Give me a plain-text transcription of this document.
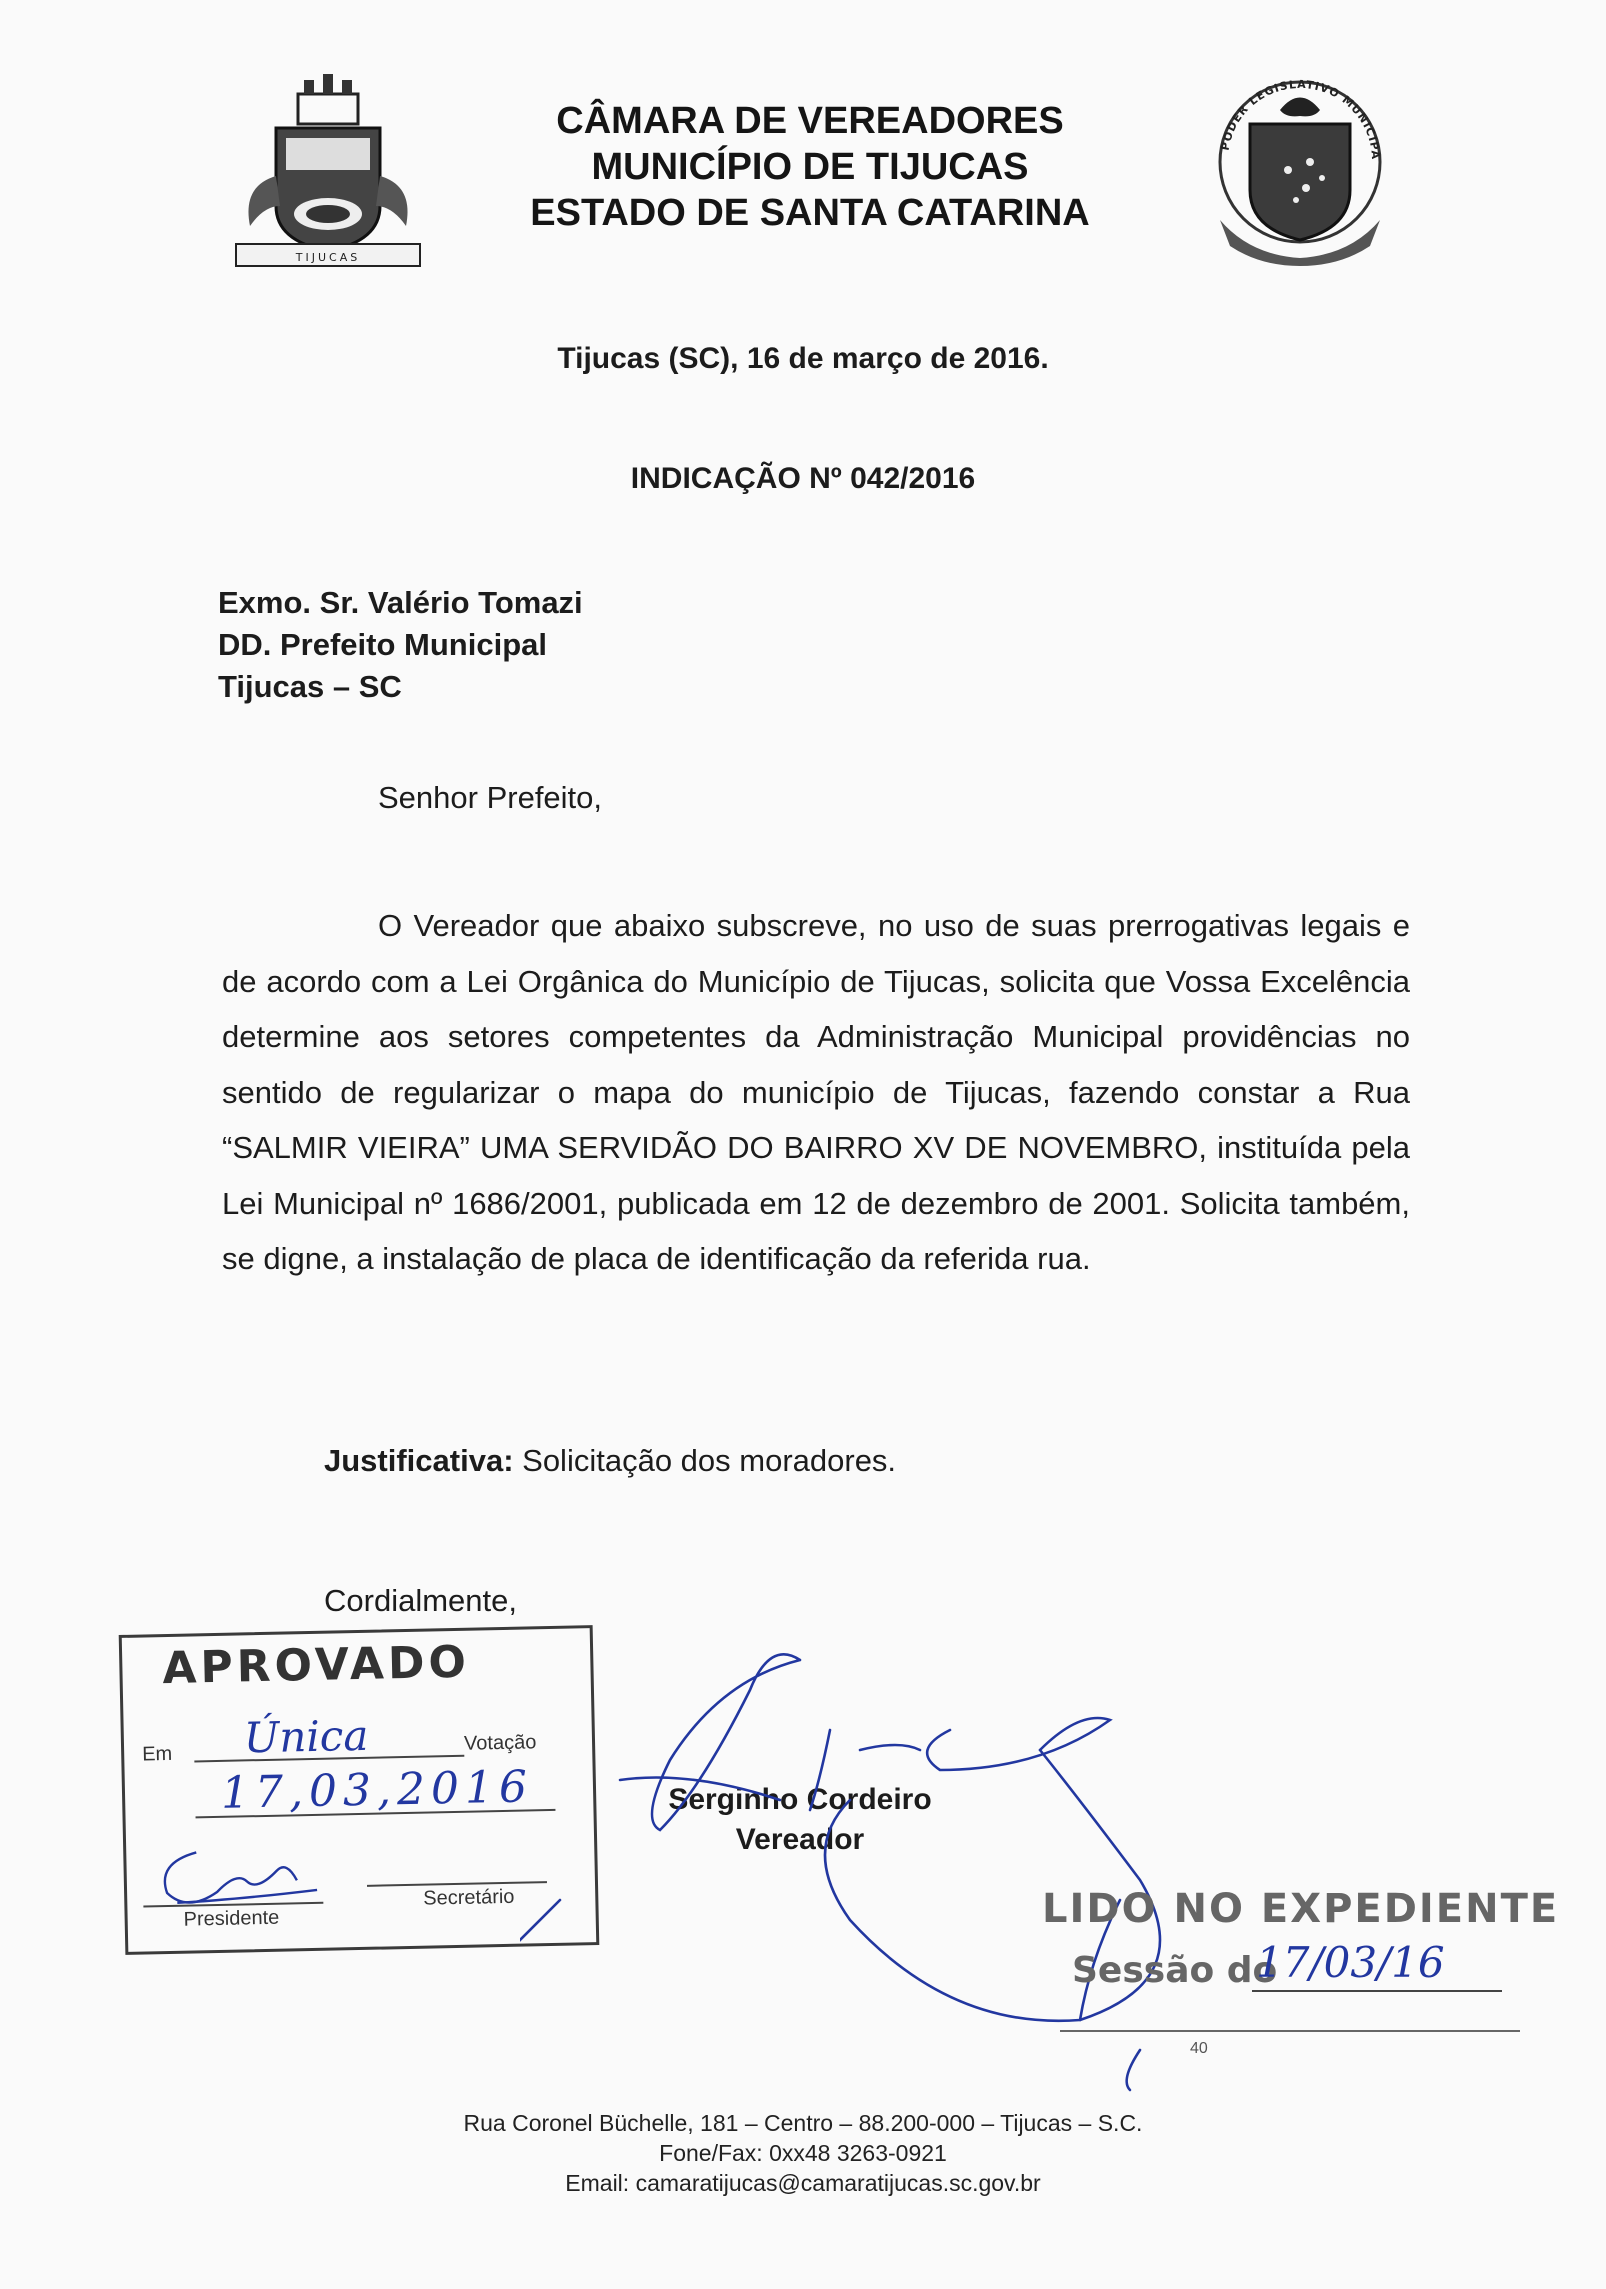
TIJUCAS
PODER LEGISLATIVO MUNICIPA
CÂMARA DE VEREADORES
MUNICÍPIO DE TIJUCAS
ESTADO DE SANTA CATARINA
Tijucas (SC), 16 de março de 2016.
INDICAÇÃO Nº 042/2016
Exmo. Sr. Valério Tomazi
DD. Prefeito Municipal
Tijucas – SC
Senhor Prefeito,

O Vereador que abaixo subscreve, no uso de suas prerrogativas legais e de acordo com a Lei Orgânica do Município de Tijucas, solicita que Vossa Excelência determine aos setores competentes da Administração Municipal providências no sentido de regularizar o mapa do município de Tijucas, fazendo constar a Rua “SALMIR VIEIRA” UMA SERVIDÃO DO BAIRRO XV DE NOVEMBRO, instituída pela Lei Municipal nº 1686/2001, publicada em 12 de dezembro de 2001. Solicita também, se digne, a instalação de placa de identificação da referida rua.

Justificativa: Solicitação dos moradores.
Cordialmente,
Serginho Cordeiro
Vereador
APROVADO
Em Única	Votação
17,03,2016
Presidente
Secretário	LIDO NO EXPEDIENTE
Sessão do
17/03/16
40
Rua Coronel Büchelle, 181 – Centro – 88.200-000 – Tijucas – S.C.
Fone/Fax: 0xx48 3263-0921
Email: camaratijucas@camaratijucas.sc.gov.br
